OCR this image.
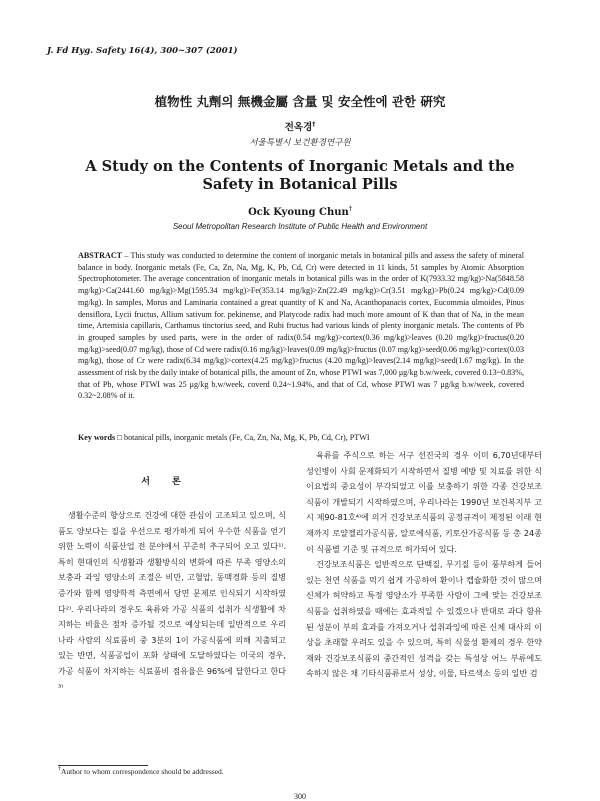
J. Fd Hyg. Safety 16(4), 300~307 (2001)
植物性 丸劑의 無機金屬 含量 및 安全性에 관한 硏究
전옥경†
서울특별시 보건환경연구원
A Study on the Contents of Inorganic Metals and the Safety in Botanical Pills
Ock Kyoung Chun†
Seoul Metropolitan Research Institute of Public Health and Environment
ABSTRACT – This study was conducted to determine the content of inorganic metals in botanical pills and assess the safety of mineral balance in body. Inorganic metals (Fe, Ca, Zn, Na, Mg, K, Pb, Cd, Cr) were detected in 11 kinds, 51 samples by Atomic Absorption Spectrophotometer. The average concentration of inorganic metals in botanical pills was in the order of K(7933.32 mg/kg)>Na(5848.58 mg/kg)>Ca(2441.60 mg/kg)>Mg(1595.34 mg/kg)>Fe(353.14 mg/kg)>Zn(22.49 mg/kg)>Cr(3.51 mg/kg)>Pb(0.24 mg/kg)>Cd(0.09 mg/kg). In samples, Morus and Laminaria contained a great quantity of K and Na, Acanthopanacis cortex, Eucommia ulmoides, Pinus densiflora, Lycii fructus, Allium sativum for. pekinense, and Platycode radix had much more amount of K than that of Na, in the mean time, Artemisia capillaris, Carthamus tinctorius seed, and Rubi fructus had various kinds of plenty inorganic metals. The contents of Pb in grouped samples by used parts, were in the order of radix(0.54 mg/kg)>cortex(0.36 mg/kg)>leaves (0.20 mg/kg)>fructus(0.20 mg/kg)>seed(0.07 mg/kg), those of Cd were radix(0.16 mg/kg)>leaves(0.09 mg/kg)>fructus (0.07 mg/kg)>seed(0.06 mg/kg)>cortex(0.03 mg/kg), those of Cr were radix(6.34 mg/kg)>cortex(4.25 mg/kg)>fructus (4.20 mg/kg)>leaves(2.14 mg/kg)>seed(1.67 mg/kg). In the assessment of risk by the daily intake of botanical pills, the amount of Zn, whose PTWI was 7,000 μg/kg b.w/week, covered 0.13~0.83%, that of Pb, whose PTWI was 25 μg/kg b.w/week, coverd 0.24~1.94%, and that of Cd, whose PTWI was 7 μg/kg b.w/week, covered 0.32~2.08% of it.
Key words □ botanical pills, inorganic metals (Fe, Ca, Zn, Na, Mg, K, Pb, Cd, Cr), PTWI
서론

생활수준의 향상으로 건강에 대한 관심이 고조되고 있으며, 식품도 양보다는 질을 우선으로 평가하게 되어 우수한 식품을 얻기 위한 노력이 식품산업 전 분야에서 꾸준히 추구되어 오고 있다¹⁾. 특히 현대인의 식생활과 생활방식의 변화에 따른 부족 영양소의 보충과 과잉 영양소의 조절은 비만, 고혈압, 동맥경화 등의 질병 증가와 함께 영양학적 측면에서 당면 문제로 인식되기 시작하였다²⁾. 우리나라의 경우도 육류와 가공 식품의 섭취가 식생활에 차지하는 비율은 점차 증가될 것으로 예상되는데 일반적으로 우리나라 사람의 식료품비 중 3분의 1이 가공식품에 의해 지출되고 있는 반면, 식품공업이 포화 상태에 도달하였다는 미국의 경우, 가공 식품이 차지하는 식료품비 점유율은 96%에 달한다고 한다³⁾

육류를 주식으로 하는 서구 선진국의 경우 이미 6,70년대부터 성인병이 사회 문제화되기 시작하면서 질병 예방 및 치료를 위한 식이요법의 중요성이 부각되었고 이를 보충하기 위한 각종 건강보조식품이 개발되기 시작하였으며, 우리나라는 1990년 보건복지부 고시 제90-81호⁴⁾에 의거 건강보조식품의 공정규격이 제정된 이래 현재까지 로얄젤리가공식품, 알로에식품, 키토산가공식품 등 총 24종이 식품별 기준 및 규격으로 허가되어 있다.

건강보조식품은 일반적으로 단백질, 무기질 등이 풍부하게 들어있는 천연 식품을 먹기 쉽게 가공하여 환이나 캡슐화한 것이 많으며 신체가 허약하고 특정 영양소가 부족한 사람이 그에 맞는 건강보조식품을 섭취하였을 때에는 효과적일 수 있겠으나 반대로 과다 함유된 성분이 부의 효과를 가져오거나 섭취과잉에 따른 신체 대사의 이상을 초래할 우려도 있을 수 있으며, 특히 식물성 환제의 경우 한약재와 건강보조식품의 중간적인 성격을 갖는 특성상 어느 부류에도 속하지 않은 채 기타식품류로서 성상, 이물, 타르색소 등의 일반 검

†Author to whom correspondence should be addressed.
300
